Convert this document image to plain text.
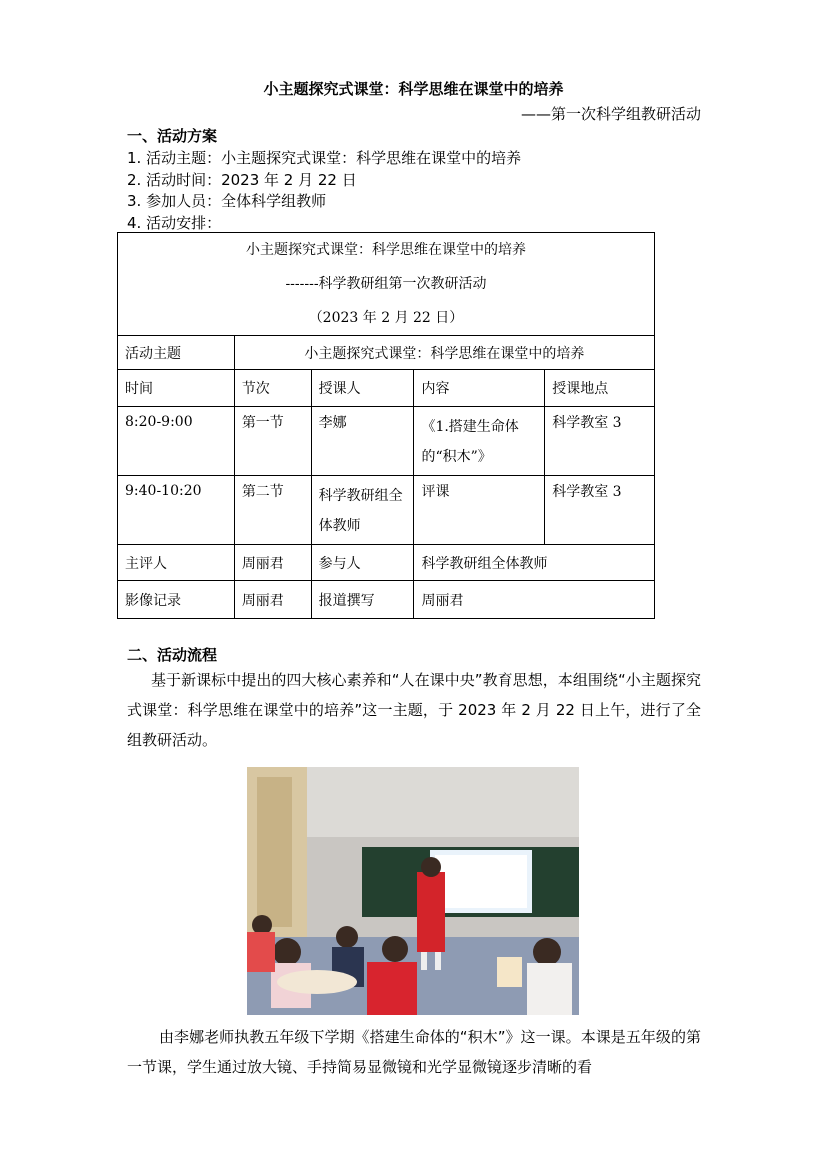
小主题探究式课堂：科学思维在课堂中的培养
——第一次科学组教研活动
一、活动方案
1. 活动主题：小主题探究式课堂：科学思维在课堂中的培养
2. 活动时间：2023 年 2 月 22 日
3. 参加人员：全体科学组教师
4. 活动安排：
小主题探究式课堂：科学思维在课堂中的培养
-------科学教研组第一次教研活动
（2023 年 2 月 22 日）				

活动主题	小主题探究式课堂：科学思维在课堂中的培养			
时间	节次	授课人	内容	授课地点
8:20-9:00	第一节	李娜	《1.搭建生命体的“积木”》	科学教室 3
9:40-10:20	第二节	科学教研组全体教师	评课	科学教室 3
主评人	周丽君	参与人	科学教研组全体教师	
影像记录	周丽君	报道撰写	周丽君	
二、活动流程
基于新课标中提出的四大核心素养和“人在课中央”教育思想，本组围绕“小主题探究式课堂：科学思维在课堂中的培养”这一主题，于 2023 年 2 月 22 日上午，进行了全组教研活动。
由李娜老师执教五年级下学期《搭建生命体的“积木”》这一课。本课是五年级的第一节课，学生通过放大镜、手持简易显微镜和光学显微镜逐步清晰的看
